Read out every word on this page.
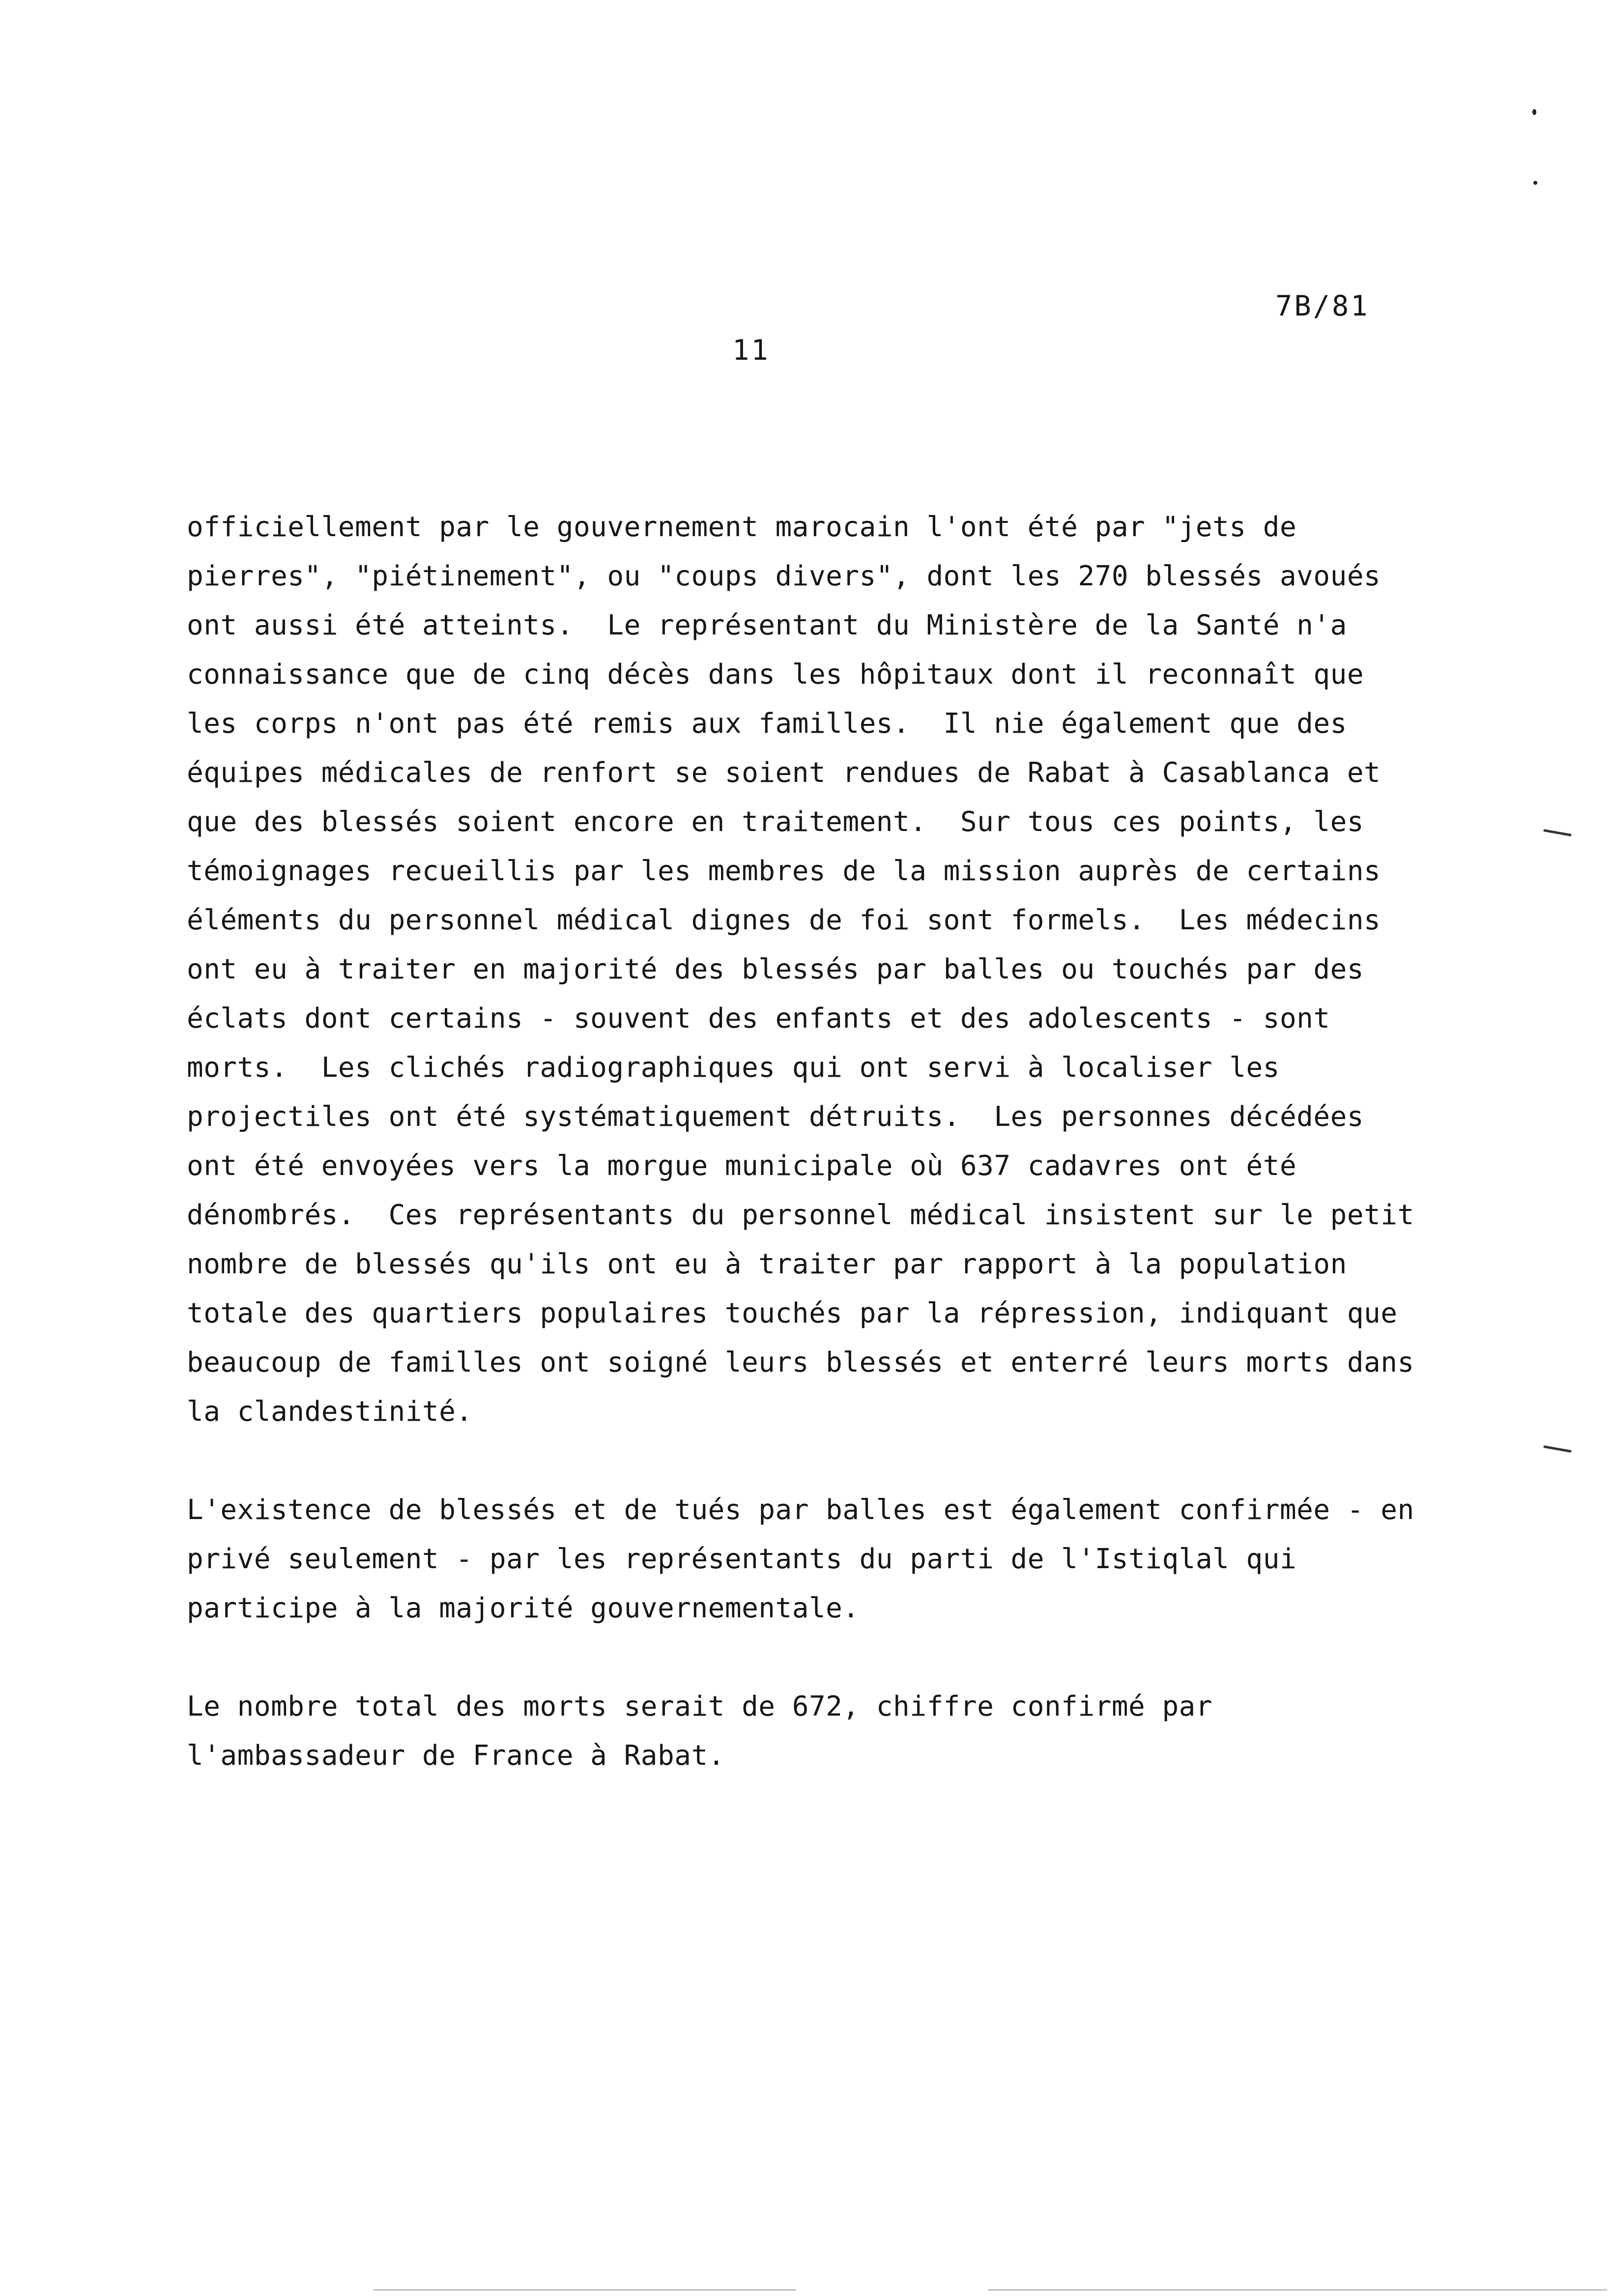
7B/81
11

officiellement par le gouvernement marocain l'ont été par "jets de

pierres", "piétinement", ou "coups divers", dont les 270 blessés avoués

ont aussi été atteints.  Le représentant du Ministère de la Santé n'a

connaissance que de cinq décès dans les hôpitaux dont il reconnaît que

les corps n'ont pas été remis aux familles.  Il nie également que des

équipes médicales de renfort se soient rendues de Rabat à Casablanca et

que des blessés soient encore en traitement.  Sur tous ces points, les

témoignages recueillis par les membres de la mission auprès de certains

éléments du personnel médical dignes de foi sont formels.  Les médecins

ont eu à traiter en majorité des blessés par balles ou touchés par des

éclats dont certains - souvent des enfants et des adolescents - sont

morts.  Les clichés radiographiques qui ont servi à localiser les

projectiles ont été systématiquement détruits.  Les personnes décédées

ont été envoyées vers la morgue municipale où 637 cadavres ont été

dénombrés.  Ces représentants du personnel médical insistent sur le petit

nombre de blessés qu'ils ont eu à traiter par rapport à la population

totale des quartiers populaires touchés par la répression, indiquant que

beaucoup de familles ont soigné leurs blessés et enterré leurs morts dans

la clandestinité.

L'existence de blessés et de tués par balles est également confirmée - en

privé seulement - par les représentants du parti de l'Istiqlal qui

participe à la majorité gouvernementale.

Le nombre total des morts serait de 672, chiffre confirmé par

l'ambassadeur de France à Rabat.
